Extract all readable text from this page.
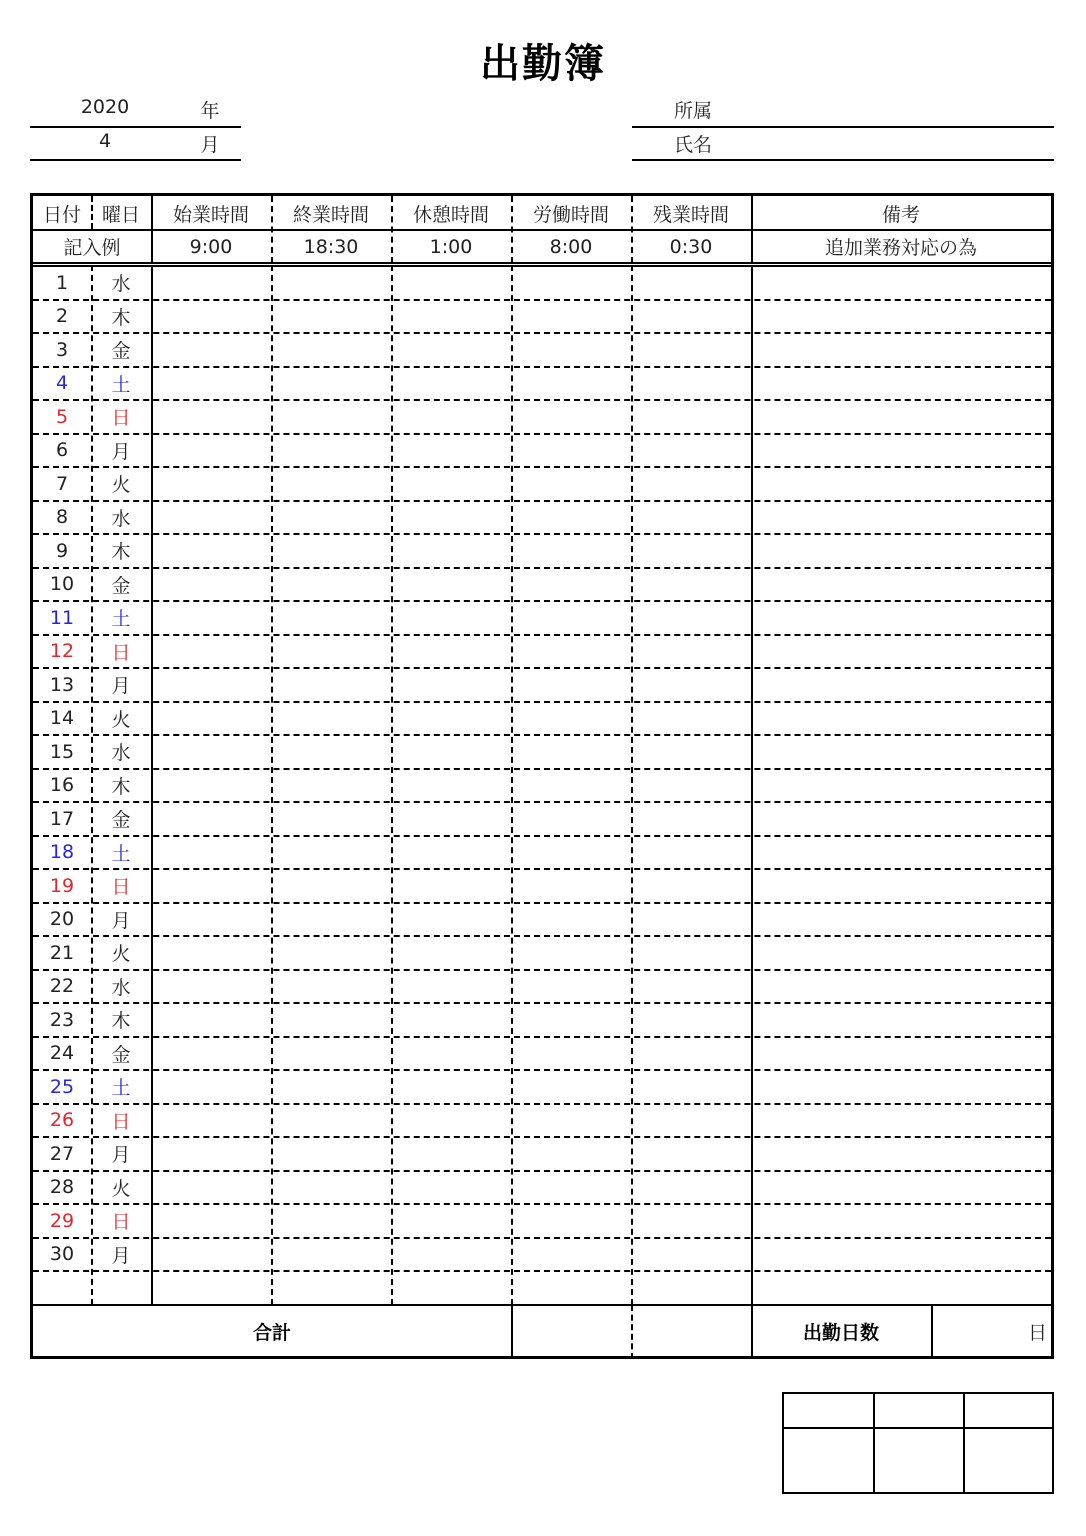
出勤簿
2020	年
4	月
所属
氏名
日付	曜日	始業時間	終業時間	休憩時間	労働時間	残業時間	備考
記入例	9:00	18:30	1:00	8:00	0:30	追加業務対応の為
1	水
2	木
3	金
4	土
5	日
6	月
7	火
8	水
9	木
10	金
11	土
12	日
13	月
14	火
15	水
16	木
17	金
18	土
19	日
20	月
21	火
22	水
23	木
24	金
25	土
26	日
27	月
28	火
29	日
30	月
合計	出勤日数	日
